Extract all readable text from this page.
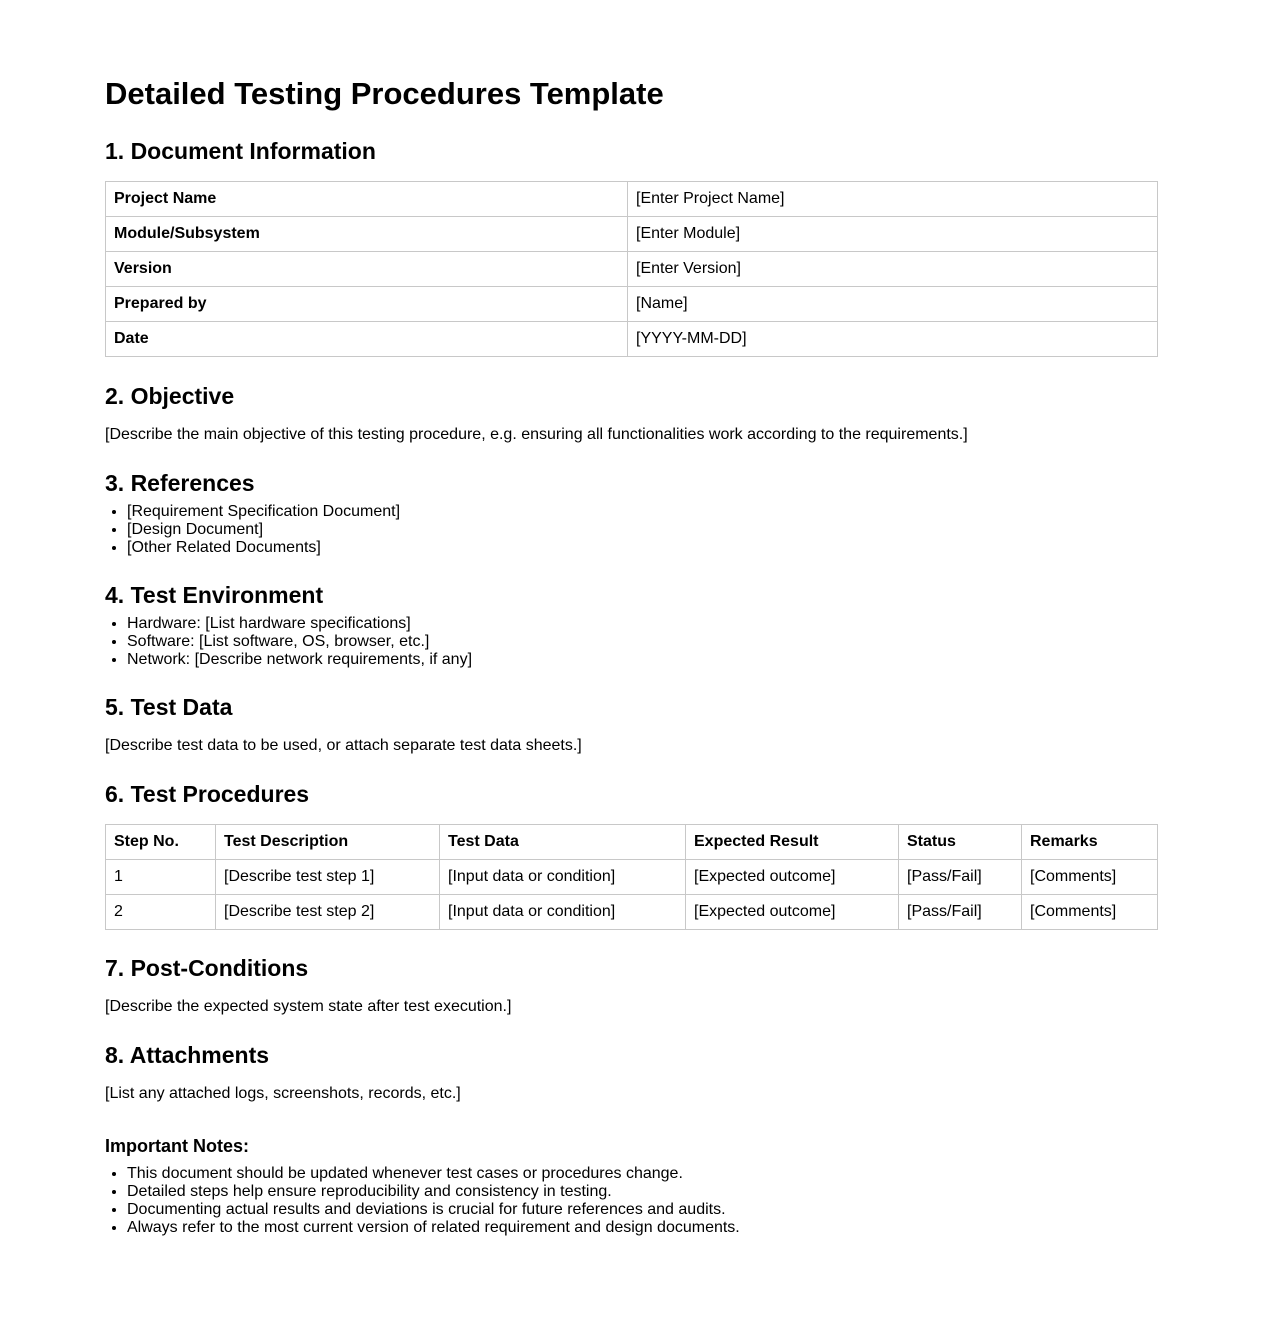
Detailed Testing Procedures Template
1. Document Information
Project Name	[Enter Project Name]
Module/Subsystem	[Enter Module]
Version	[Enter Version]
Prepared by	[Name]
Date	[YYYY-MM-DD]
2. Objective

[Describe the main objective of this testing procedure, e.g. ensuring all functionalities work according to the requirements.]

3. References
• [Requirement Specification Document]
• [Design Document]
• [Other Related Documents]
4. Test Environment
• Hardware: [List hardware specifications]
• Software: [List software, OS, browser, etc.]
• Network: [Describe network requirements, if any]
5. Test Data

[Describe test data to be used, or attach separate test data sheets.]

6. Test Procedures
Step No.	Test Description	Test Data	Expected Result	Status	Remarks
1	[Describe test step 1]	[Input data or condition]	[Expected outcome]	[Pass/Fail]	[Comments]
2	[Describe test step 2]	[Input data or condition]	[Expected outcome]	[Pass/Fail]	[Comments]
7. Post-Conditions

[Describe the expected system state after test execution.]

8. Attachments

[List any attached logs, screenshots, records, etc.]

Important Notes:
• This document should be updated whenever test cases or procedures change.
• Detailed steps help ensure reproducibility and consistency in testing.
• Documenting actual results and deviations is crucial for future references and audits.
• Always refer to the most current version of related requirement and design documents.
